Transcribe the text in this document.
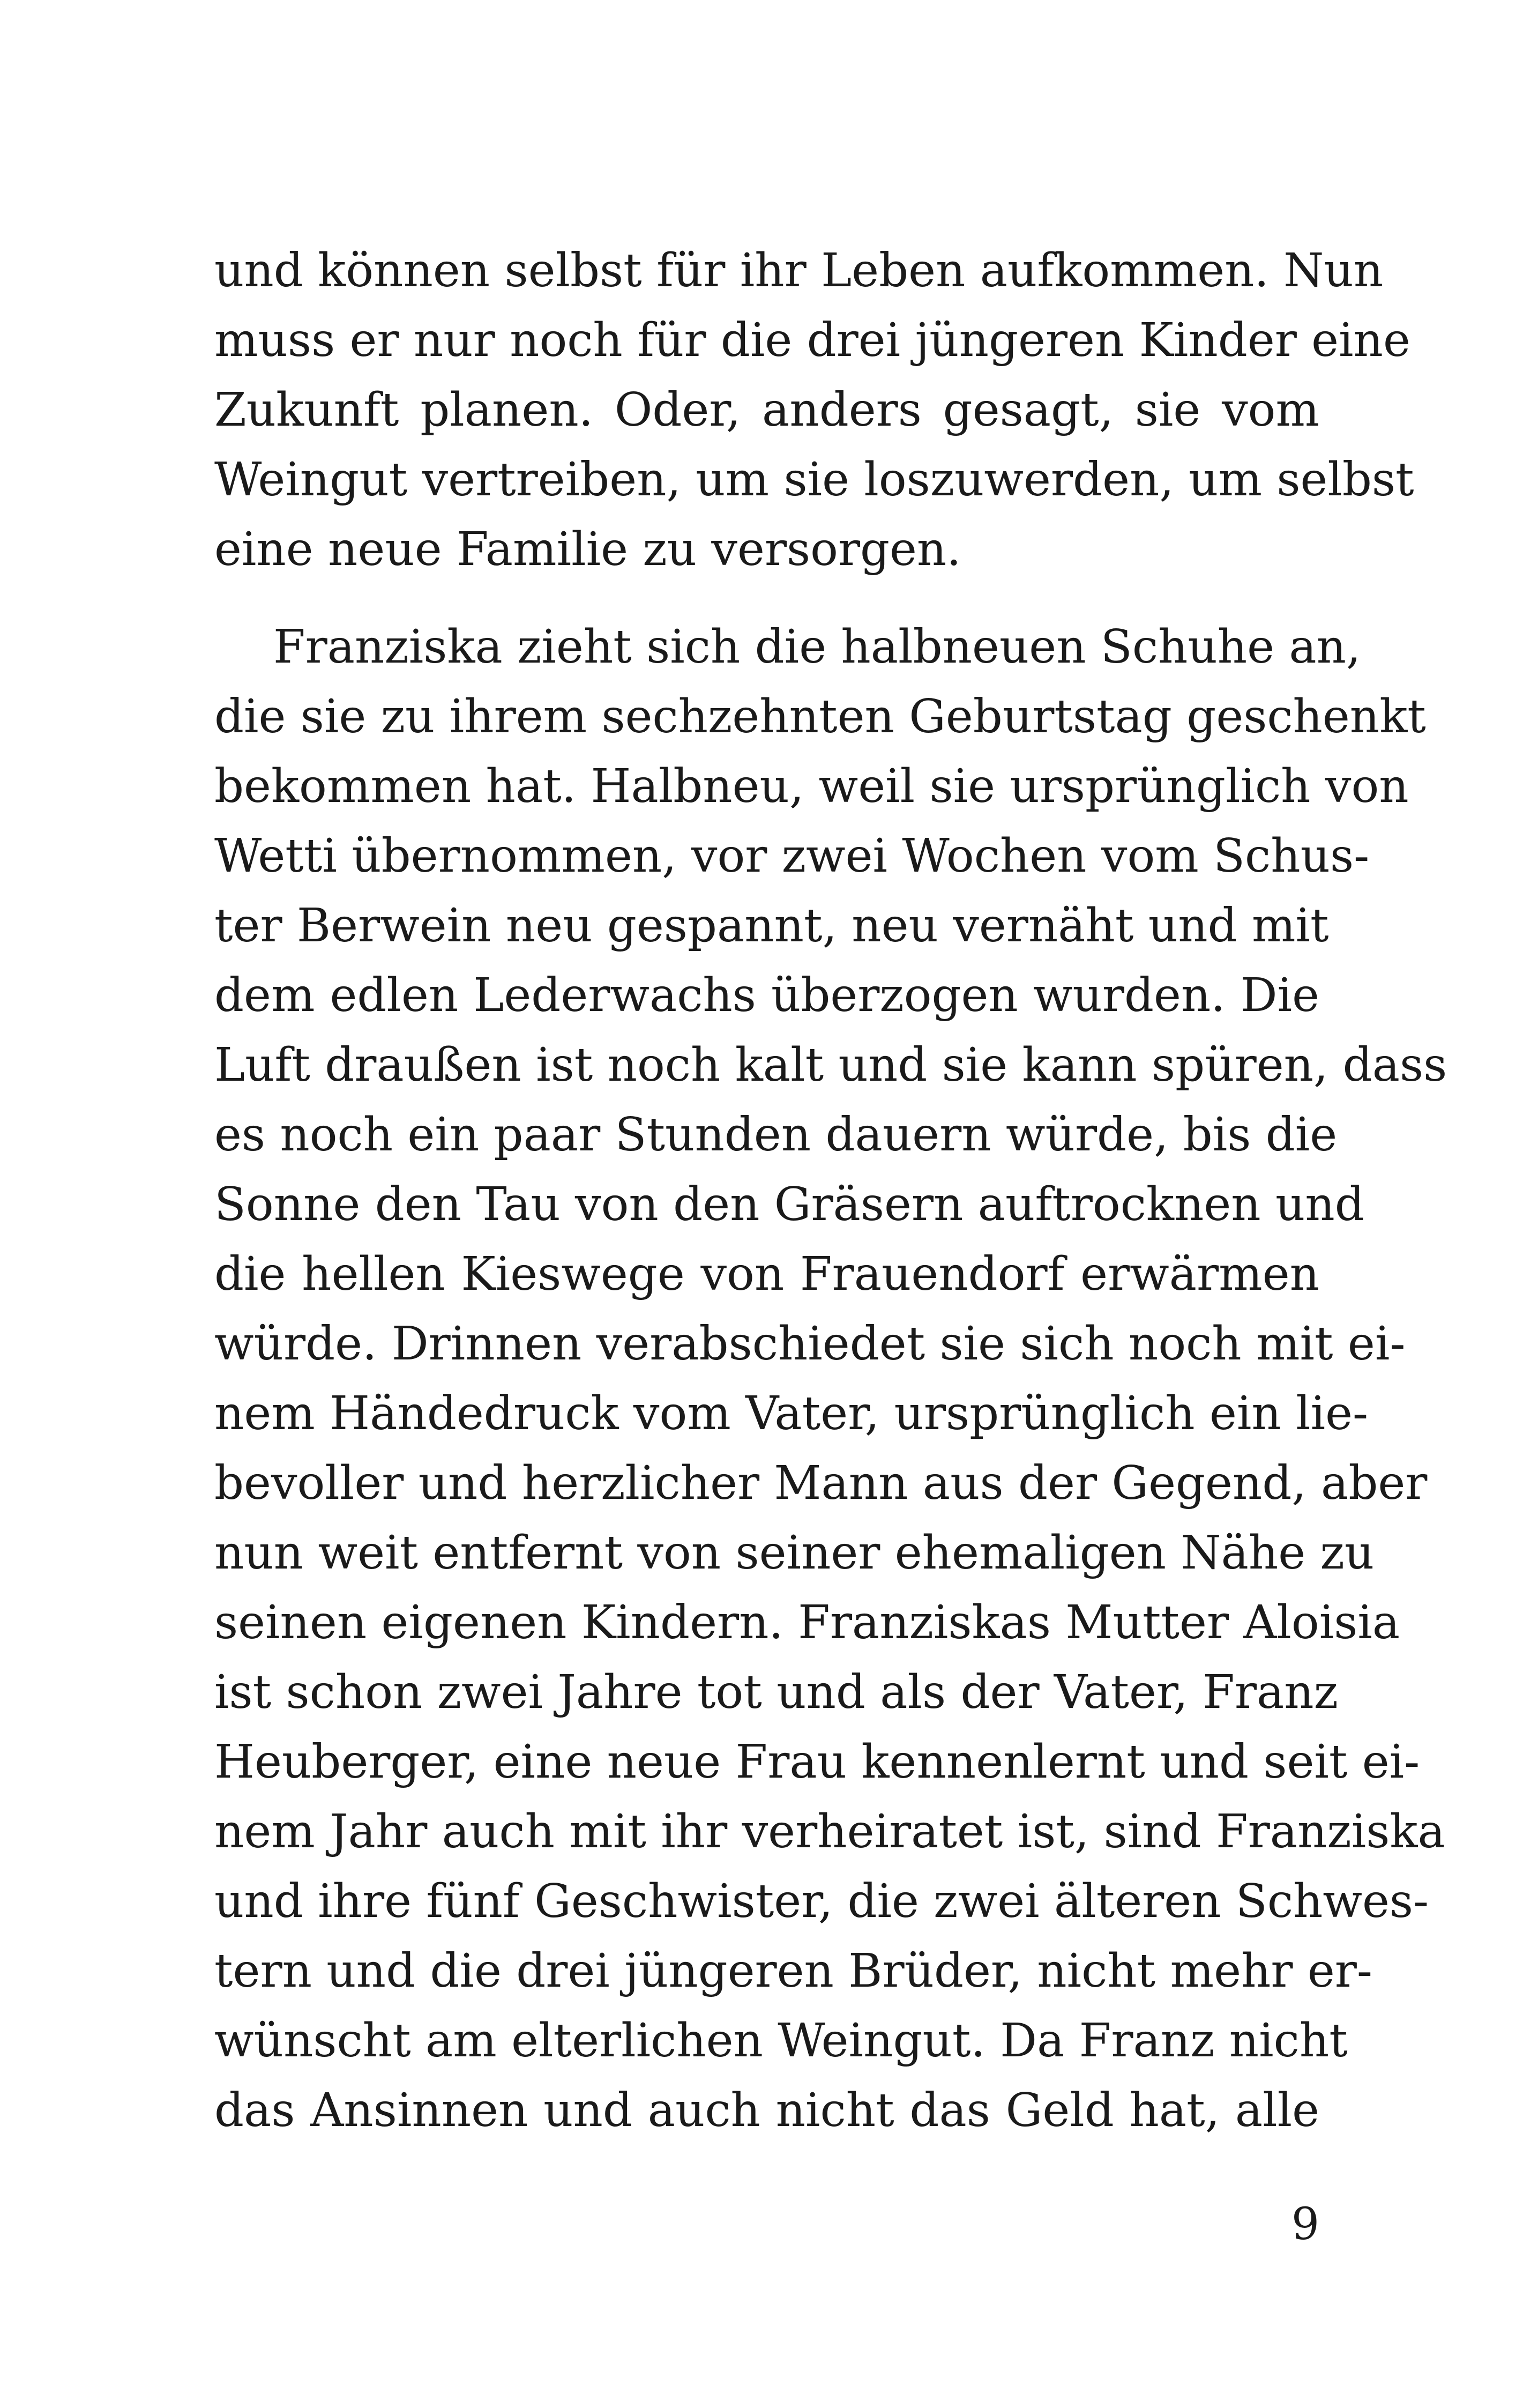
und können selbst für ihr Leben aufkommen. Nun
muss er nur noch für die drei jüngeren Kinder eine
Zukunft planen. Oder, anders gesagt, sie vom
Weingut vertreiben, um sie loszuwerden, um selbst
eine neue Familie zu versorgen.
Franziska zieht sich die halbneuen Schuhe an,
die sie zu ihrem sechzehnten Geburtstag geschenkt
bekommen hat. Halbneu, weil sie ursprünglich von
Wetti übernommen, vor zwei Wochen vom Schus-
ter Berwein neu gespannt, neu vernäht und mit
dem edlen Lederwachs überzogen wurden. Die
Luft draußen ist noch kalt und sie kann spüren, dass
es noch ein paar Stunden dauern würde, bis die
Sonne den Tau von den Gräsern auftrocknen und
die hellen Kieswege von Frauendorf erwärmen
würde. Drinnen verabschiedet sie sich noch mit ei-
nem Händedruck vom Vater, ursprünglich ein lie-
bevoller und herzlicher Mann aus der Gegend, aber
nun weit entfernt von seiner ehemaligen Nähe zu
seinen eigenen Kindern. Franziskas Mutter Aloisia
ist schon zwei Jahre tot und als der Vater, Franz
Heuberger, eine neue Frau kennenlernt und seit ei-
nem Jahr auch mit ihr verheiratet ist, sind Franziska
und ihre fünf Geschwister, die zwei älteren Schwes-
tern und die drei jüngeren Brüder, nicht mehr er-
wünscht am elterlichen Weingut. Da Franz nicht
das Ansinnen und auch nicht das Geld hat, alle
9
